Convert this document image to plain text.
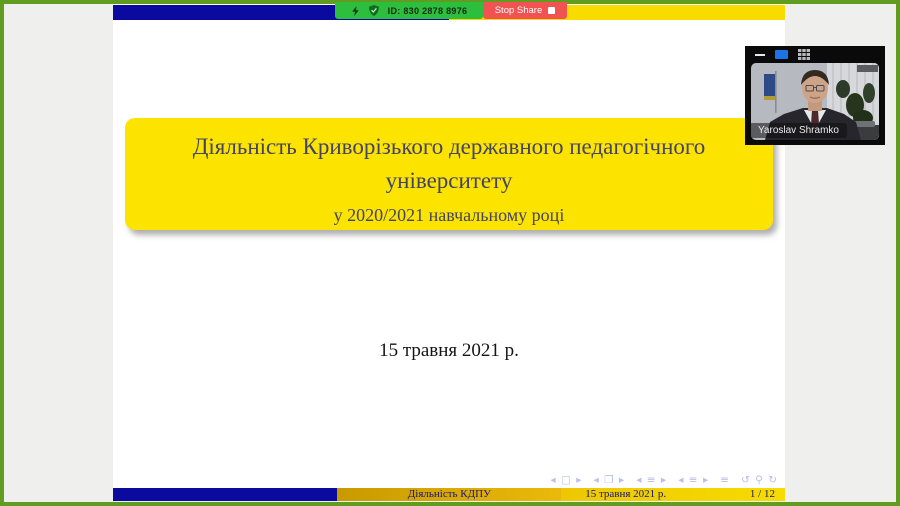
Діяльність Криворізького державного педагогічного університету
у 2020/2021 навчальному році
15 травня 2021 р.
◂ □ ▸ ◂ ❐ ▸ ◂ ≡ ▸ ◂ ≡ ▸ ≡ ↺ ⚲ ↻
Діяльність КДПУ	15 травня 2021 р.	1 / 12
ID: 830 2878 8976	Stop Share
Yaroslav Shramko
